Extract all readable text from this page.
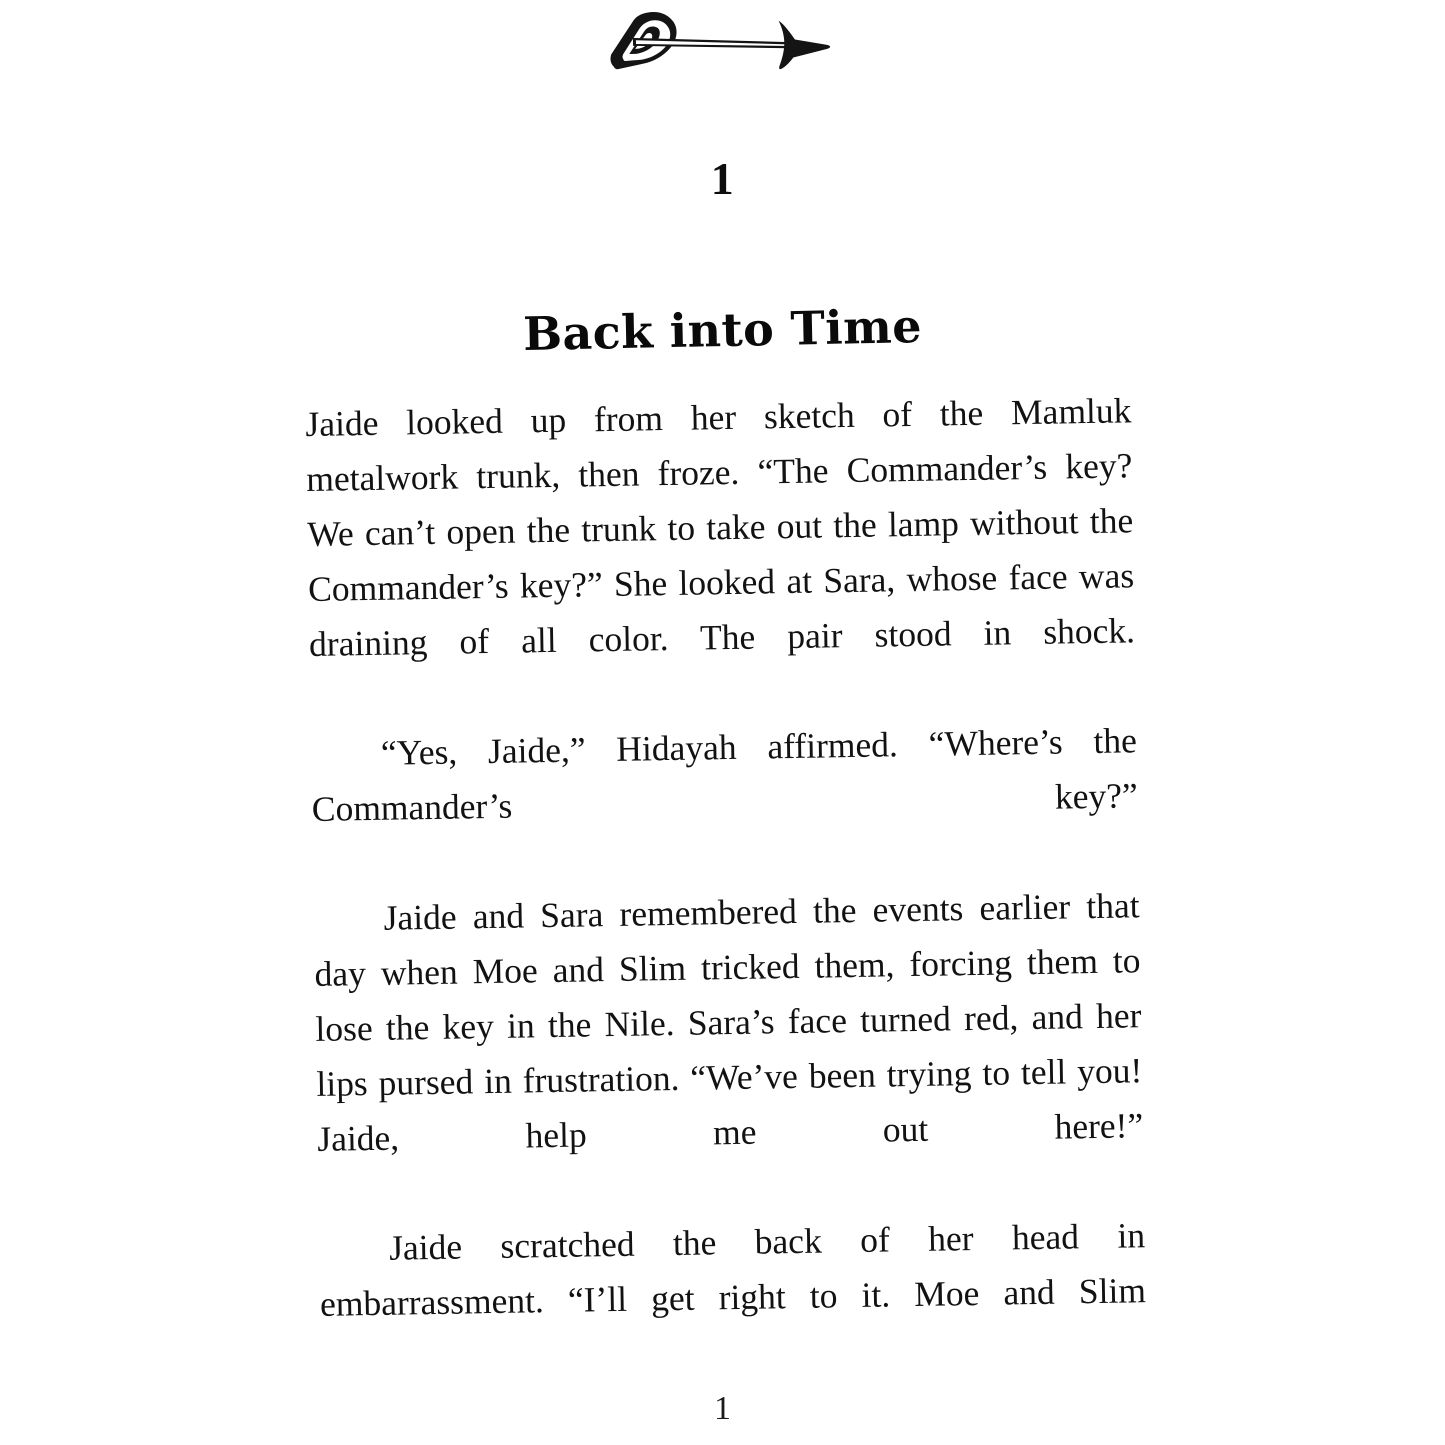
1
Back into Time

Jaide looked up from her sketch of the Mamluk metalwork trunk, then froze. “The Commander’s key? We can’t open the trunk to take out the lamp without the Commander’s key?” She looked at Sara, whose face was draining of all color. The pair stood in shock.

“Yes, Jaide,” Hidayah affirmed. “Where’s the Commander’s key?”

Jaide and Sara remembered the events earlier that day when Moe and Slim tricked them, forcing them to lose the key in the Nile. Sara’s face turned red, and her lips pursed in frustration. “We’ve been trying to tell you! Jaide, help me out here!”

Jaide scratched the back of her head in embarrassment. “I’ll get right to it. Moe and Slim

1
